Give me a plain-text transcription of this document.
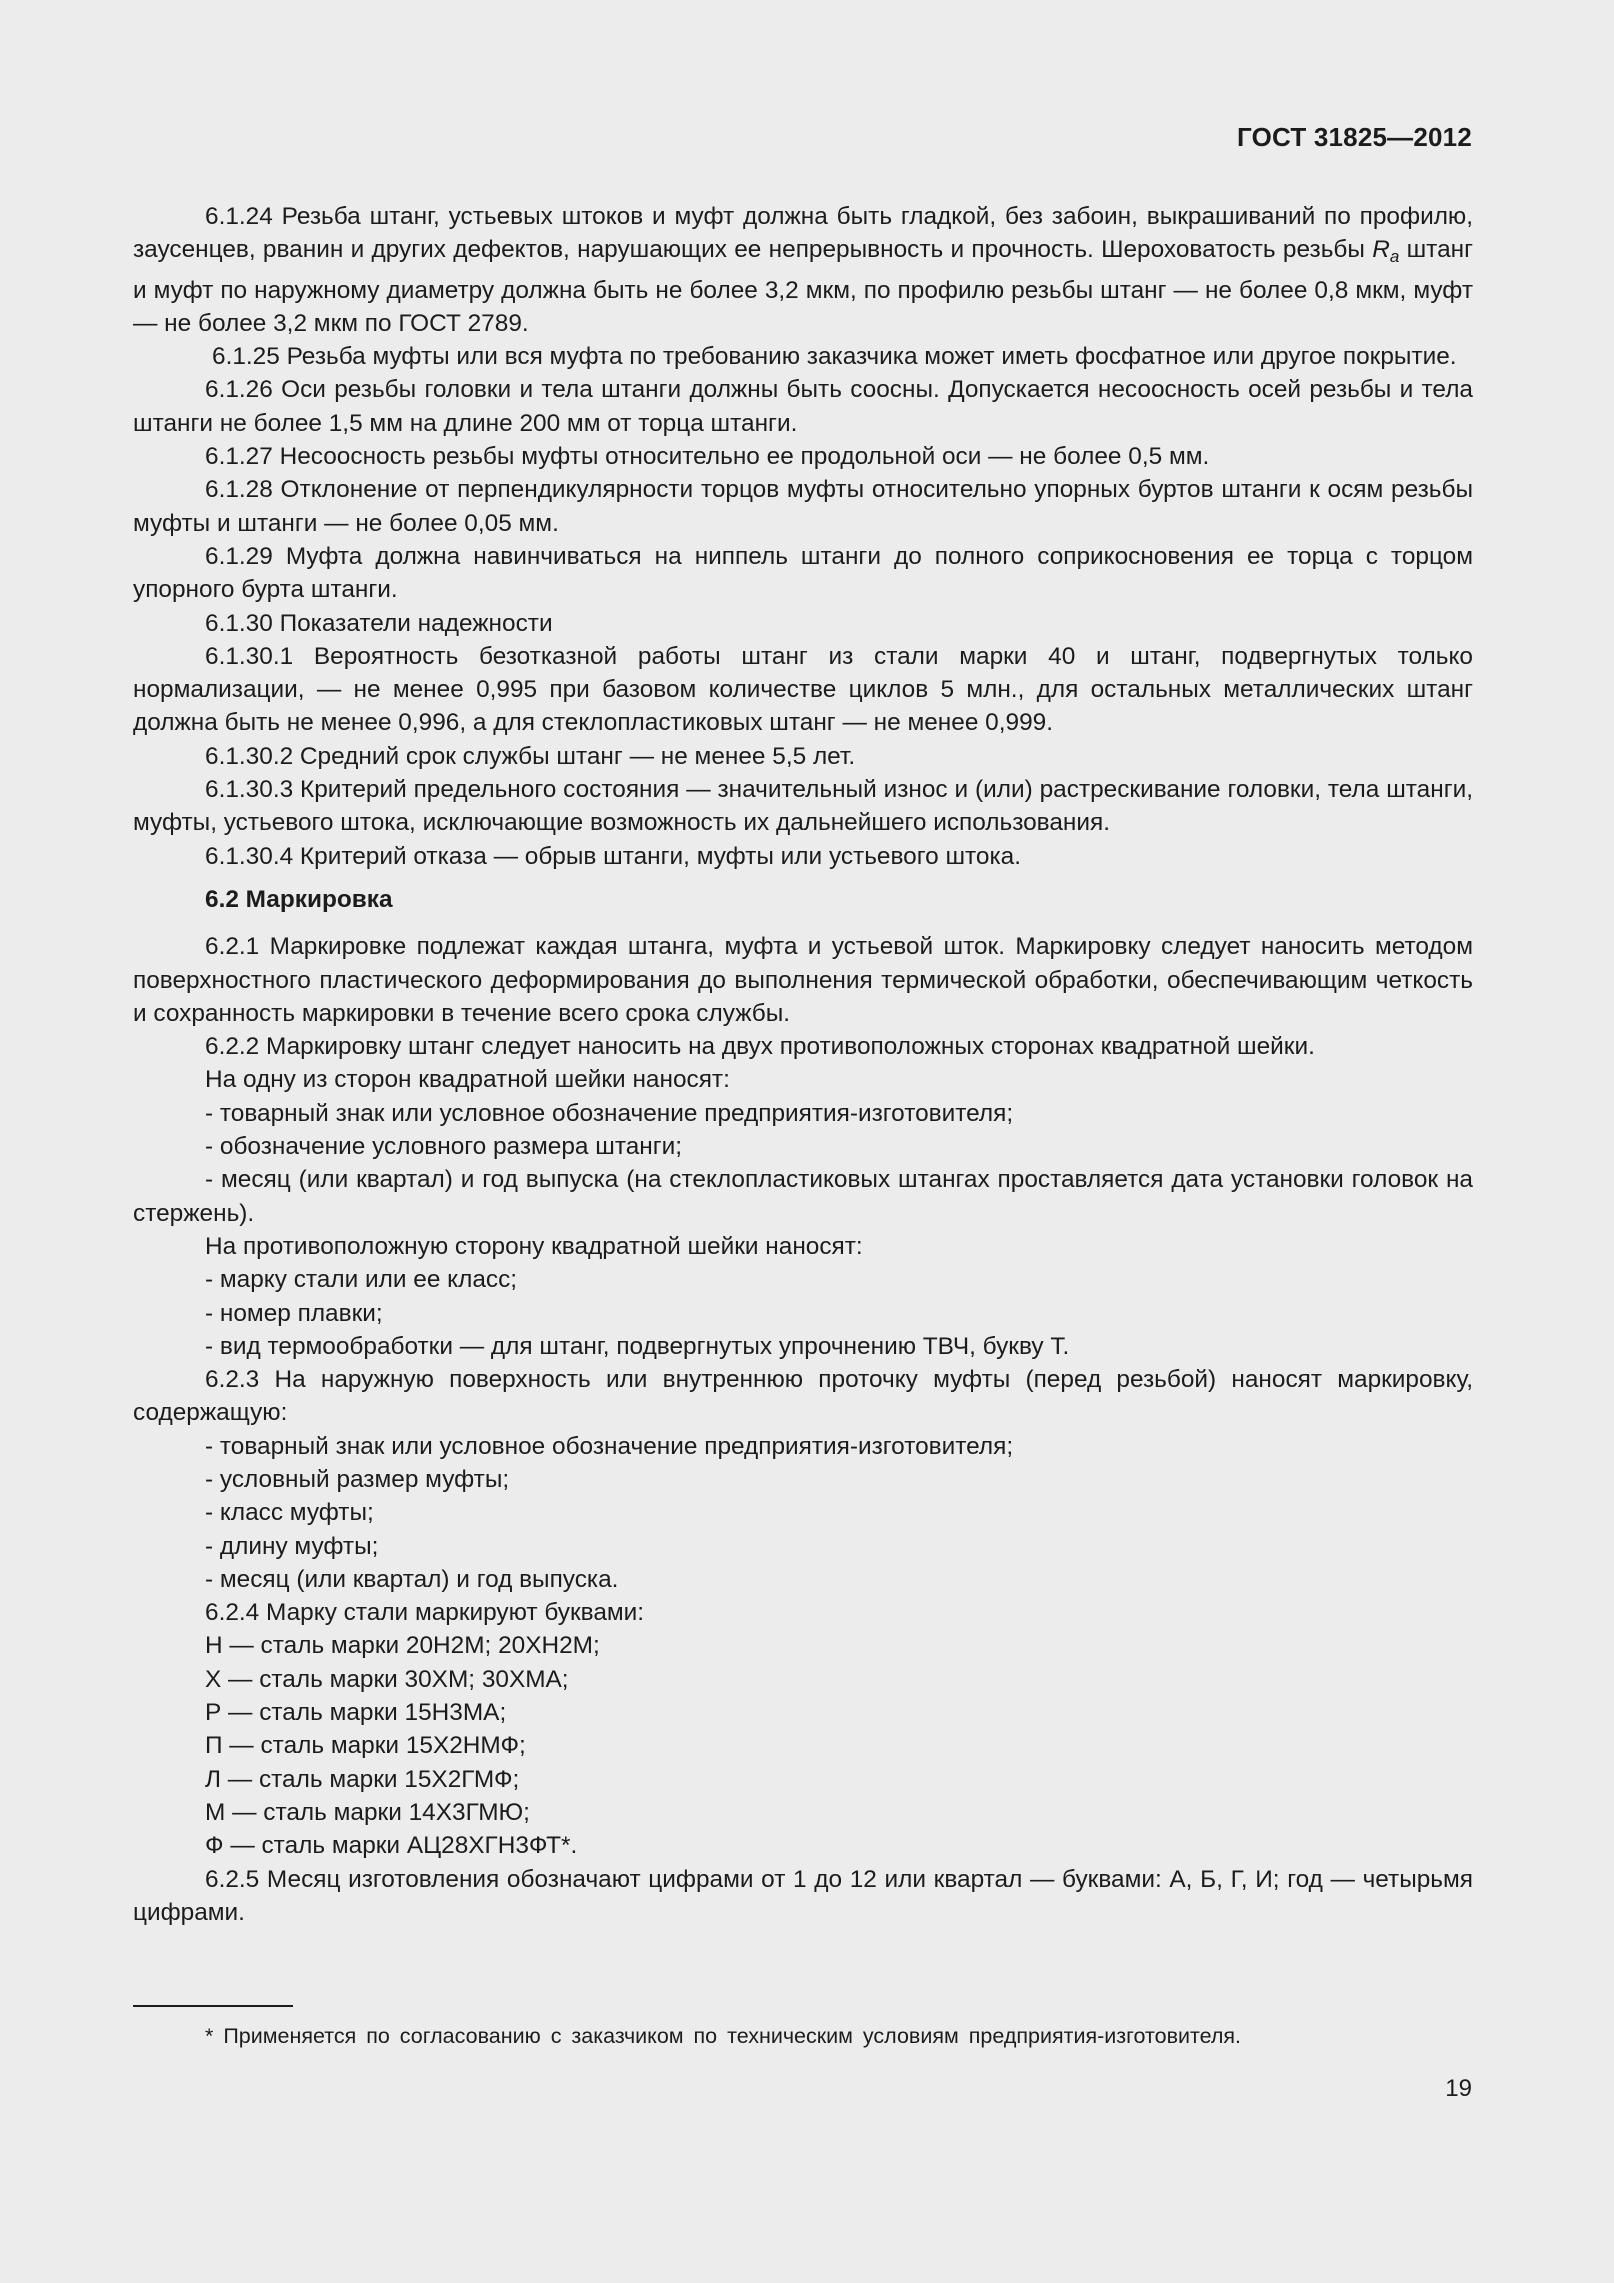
ГОСТ 31825—2012

6.1.24 Резьба штанг, устьевых штоков и муфт должна быть гладкой, без забоин, выкрашиваний по профилю, заусенцев, рванин и других дефектов, нарушающих ее непрерывность и прочность. Шероховатость резьбы $R_a$ штанг и муфт по наружному диаметру должна быть не более 3,2 мкм, по профилю резьбы штанг — не более 0,8 мкм, муфт — не более 3,2 мкм по ГОСТ 2789.

6.1.25 Резьба муфты или вся муфта по требованию заказчика может иметь фосфатное или другое покрытие.

6.1.26 Оси резьбы головки и тела штанги должны быть соосны. Допускается несоосность осей резьбы и тела штанги не более 1,5 мм на длине 200 мм от торца штанги.

6.1.27 Несоосность резьбы муфты относительно ее продольной оси — не более 0,5 мм.

6.1.28 Отклонение от перпендикулярности торцов муфты относительно упорных буртов штанги к осям резьбы муфты и штанги — не более 0,05 мм.

6.1.29 Муфта должна навинчиваться на ниппель штанги до полного соприкосновения ее торца с торцом упорного бурта штанги.

6.1.30 Показатели надежности

6.1.30.1 Вероятность безотказной работы штанг из стали марки 40 и штанг, подвергнутых только нормализации, — не менее 0,995 при базовом количестве циклов 5 млн., для остальных металлических штанг должна быть не менее 0,996, а для стеклопластиковых штанг — не менее 0,999.

6.1.30.2 Средний срок службы штанг — не менее 5,5 лет.

6.1.30.3 Критерий предельного состояния — значительный износ и (или) растрескивание головки, тела штанги, муфты, устьевого штока, исключающие возможность их дальнейшего использования.

6.1.30.4 Критерий отказа — обрыв штанги, муфты или устьевого штока.

6.2 Маркировка

6.2.1 Маркировке подлежат каждая штанга, муфта и устьевой шток. Маркировку следует наносить методом поверхностного пластического деформирования до выполнения термической обработки, обеспечивающим четкость и сохранность маркировки в течение всего срока службы.

6.2.2 Маркировку штанг следует наносить на двух противоположных сторонах квадратной шейки.

На одну из сторон квадратной шейки наносят:

- товарный знак или условное обозначение предприятия-изготовителя;

- обозначение условного размера штанги;

- месяц (или квартал) и год выпуска (на стеклопластиковых штангах проставляется дата установки головок на стержень).

На противоположную сторону квадратной шейки наносят:

- марку стали или ее класс;

- номер плавки;

- вид термообработки — для штанг, подвергнутых упрочнению ТВЧ, букву Т.

6.2.3 На наружную поверхность или внутреннюю проточку муфты (перед резьбой) наносят маркировку, содержащую:

- товарный знак или условное обозначение предприятия-изготовителя;

- условный размер муфты;

- класс муфты;

- длину муфты;

- месяц (или квартал) и год выпуска.

6.2.4 Марку стали маркируют буквами:

Н — сталь марки 20Н2М; 20ХН2М;

Х — сталь марки 30ХМ; 30ХМА;

Р — сталь марки 15Н3МА;

П — сталь марки 15Х2НМФ;

Л — сталь марки 15Х2ГМФ;

М — сталь марки 14Х3ГМЮ;

Ф — сталь марки АЦ28ХГН3ФТ*.

6.2.5 Месяц изготовления обозначают цифрами от 1 до 12 или квартал — буквами: А, Б, Г, И; год — четырьмя цифрами.

* Применяется по согласованию с заказчиком по техническим условиям предприятия-изготовителя.
19
